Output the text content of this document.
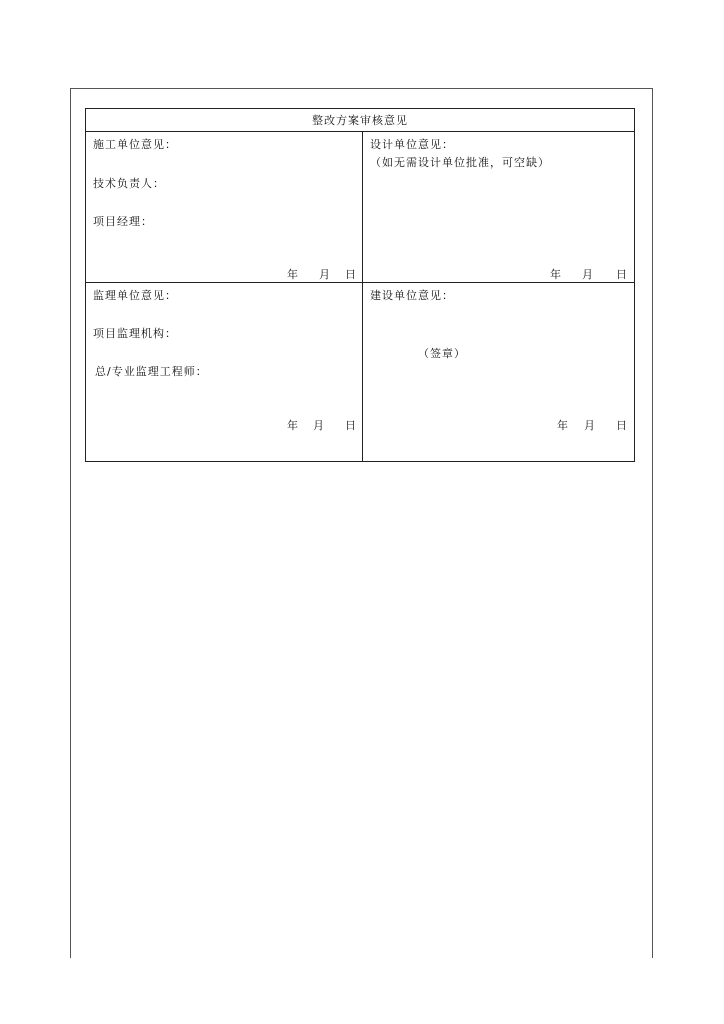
整改方案审核意见
施工单位意见：
技术负责人：
项目经理：
年 月 日
设计单位意见：
（如无需设计单位批准，可空缺）
年 月 日
监理单位意见：
项目监理机构：
总/专业监理工程师：
年 月 日
建设单位意见：
（签章）
年 月 日
